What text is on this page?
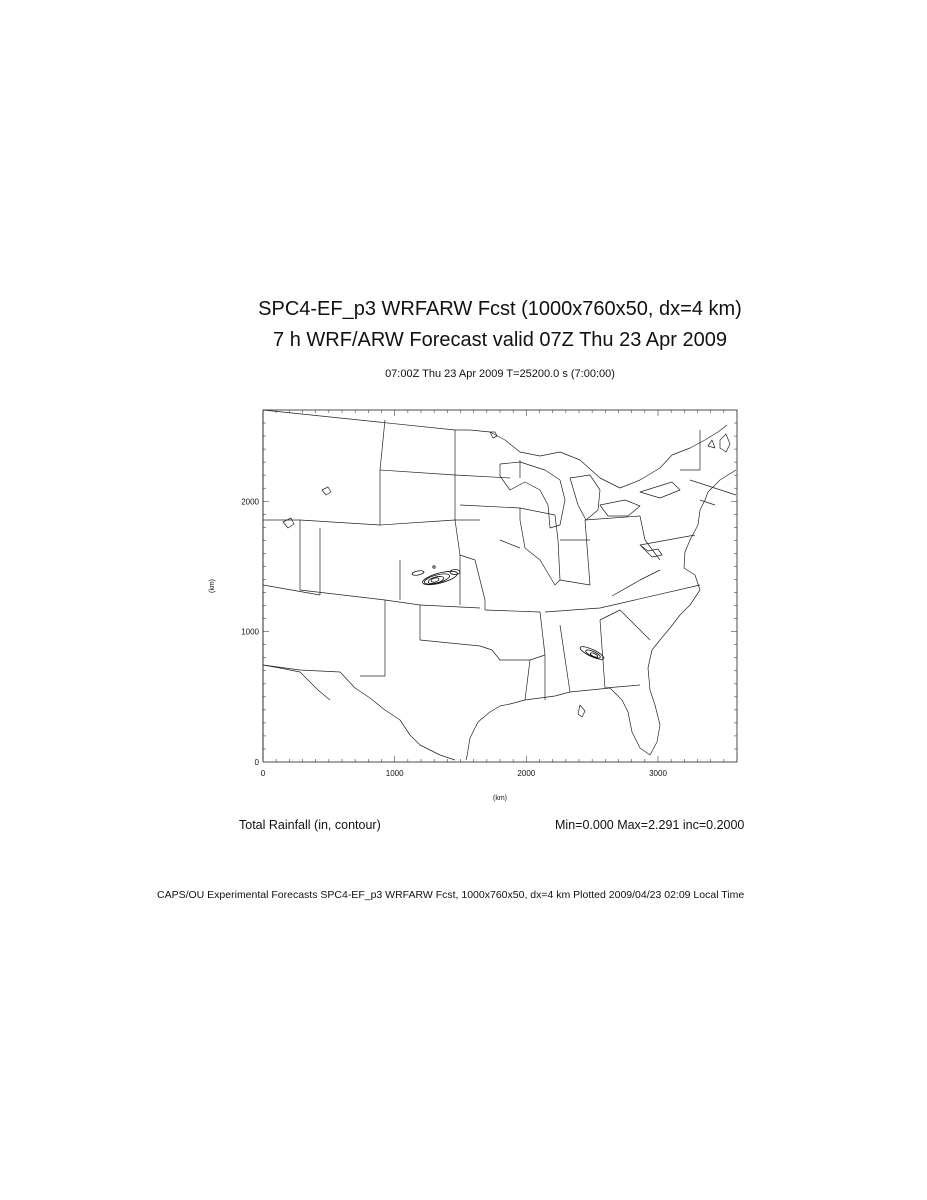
SPC4-EF_p3 WRFARW Fcst (1000x760x50, dx=4 km)
7 h WRF/ARW Forecast valid 07Z Thu 23 Apr 2009
07:00Z Thu 23 Apr 2009 T=25200.0 s (7:00:00)
0	1000	2000	3000
0
1000
2000
(km)
(km)
Total Rainfall (in, contour)	Min=0.000 Max=2.291 inc=0.2000
CAPS/OU Experimental Forecasts SPC4-EF_p3 WRFARW Fcst, 1000x760x50, dx=4 km Plotted 2009/04/23 02:09 Local Time
